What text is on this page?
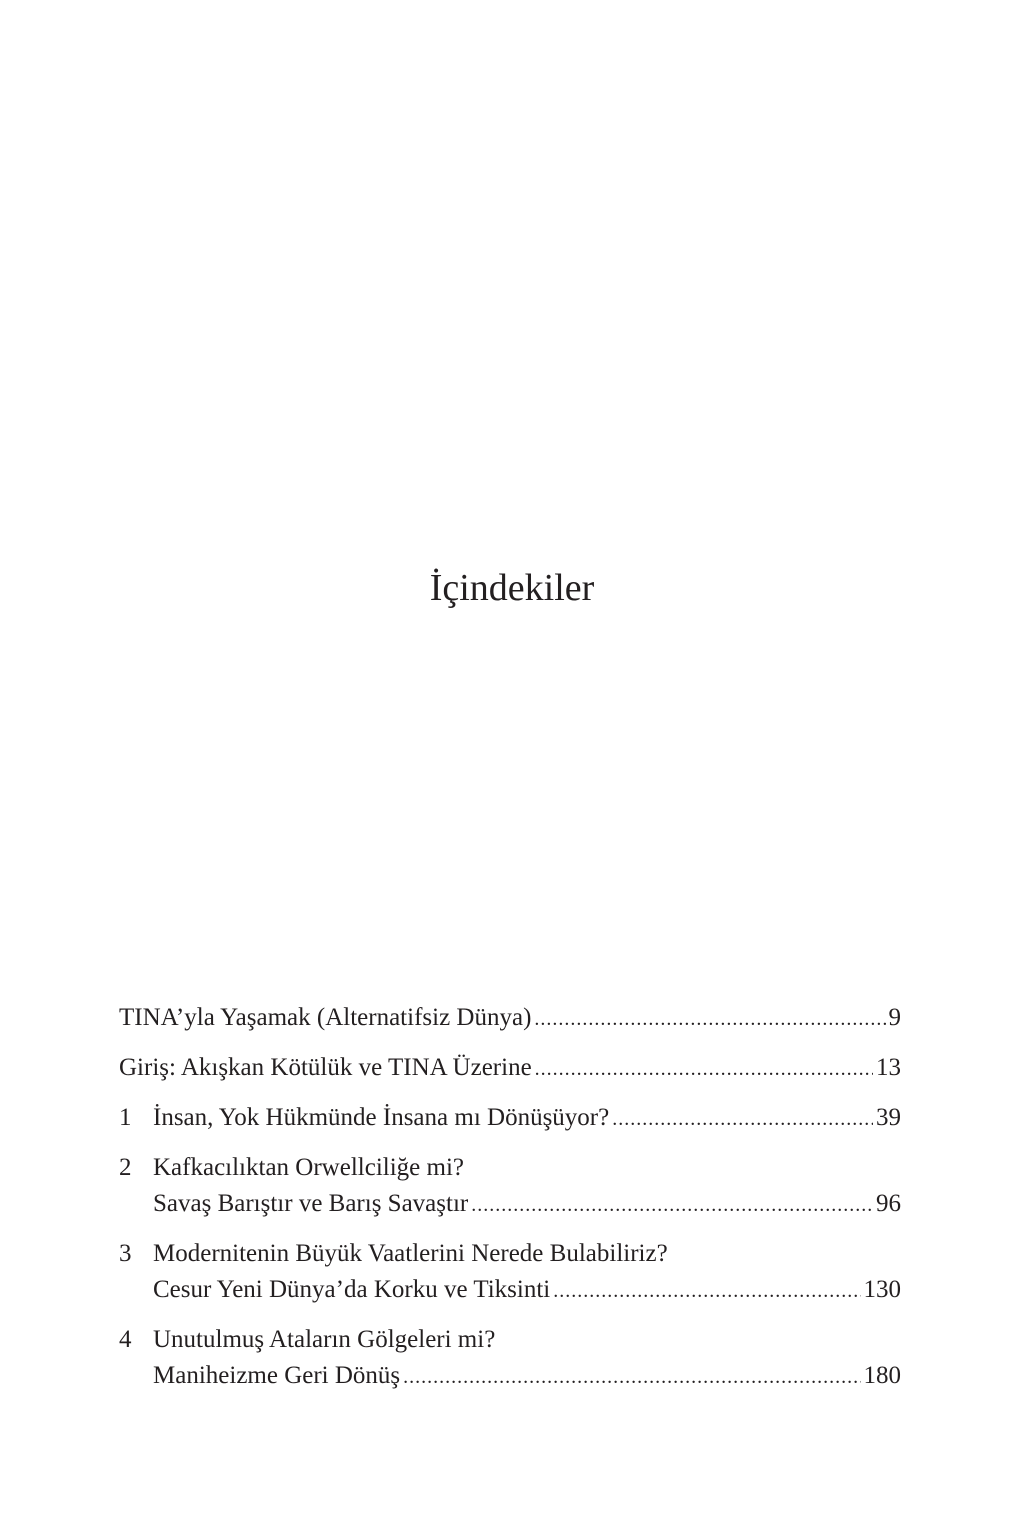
İçindekiler
TINA’yla Yaşamak (Alternatifsiz Dünya) .....	9
Giriş: Akışkan Kötülük ve TINA Üzerine .....	13
1 İnsan, Yok Hükmünde İnsana mı Dönüşüyor? .....	39
2 Kafkacılıktan Orwellciliğe mi?
Savaş Barıştır ve Barış Savaştır .....	96
3 Modernitenin Büyük Vaatlerini Nerede Bulabiliriz?
Cesur Yeni Dünya’da Korku ve Tiksinti .....	130
4 Unutulmuş Ataların Gölgeleri mi?
Maniheizme Geri Dönüş .....	180
